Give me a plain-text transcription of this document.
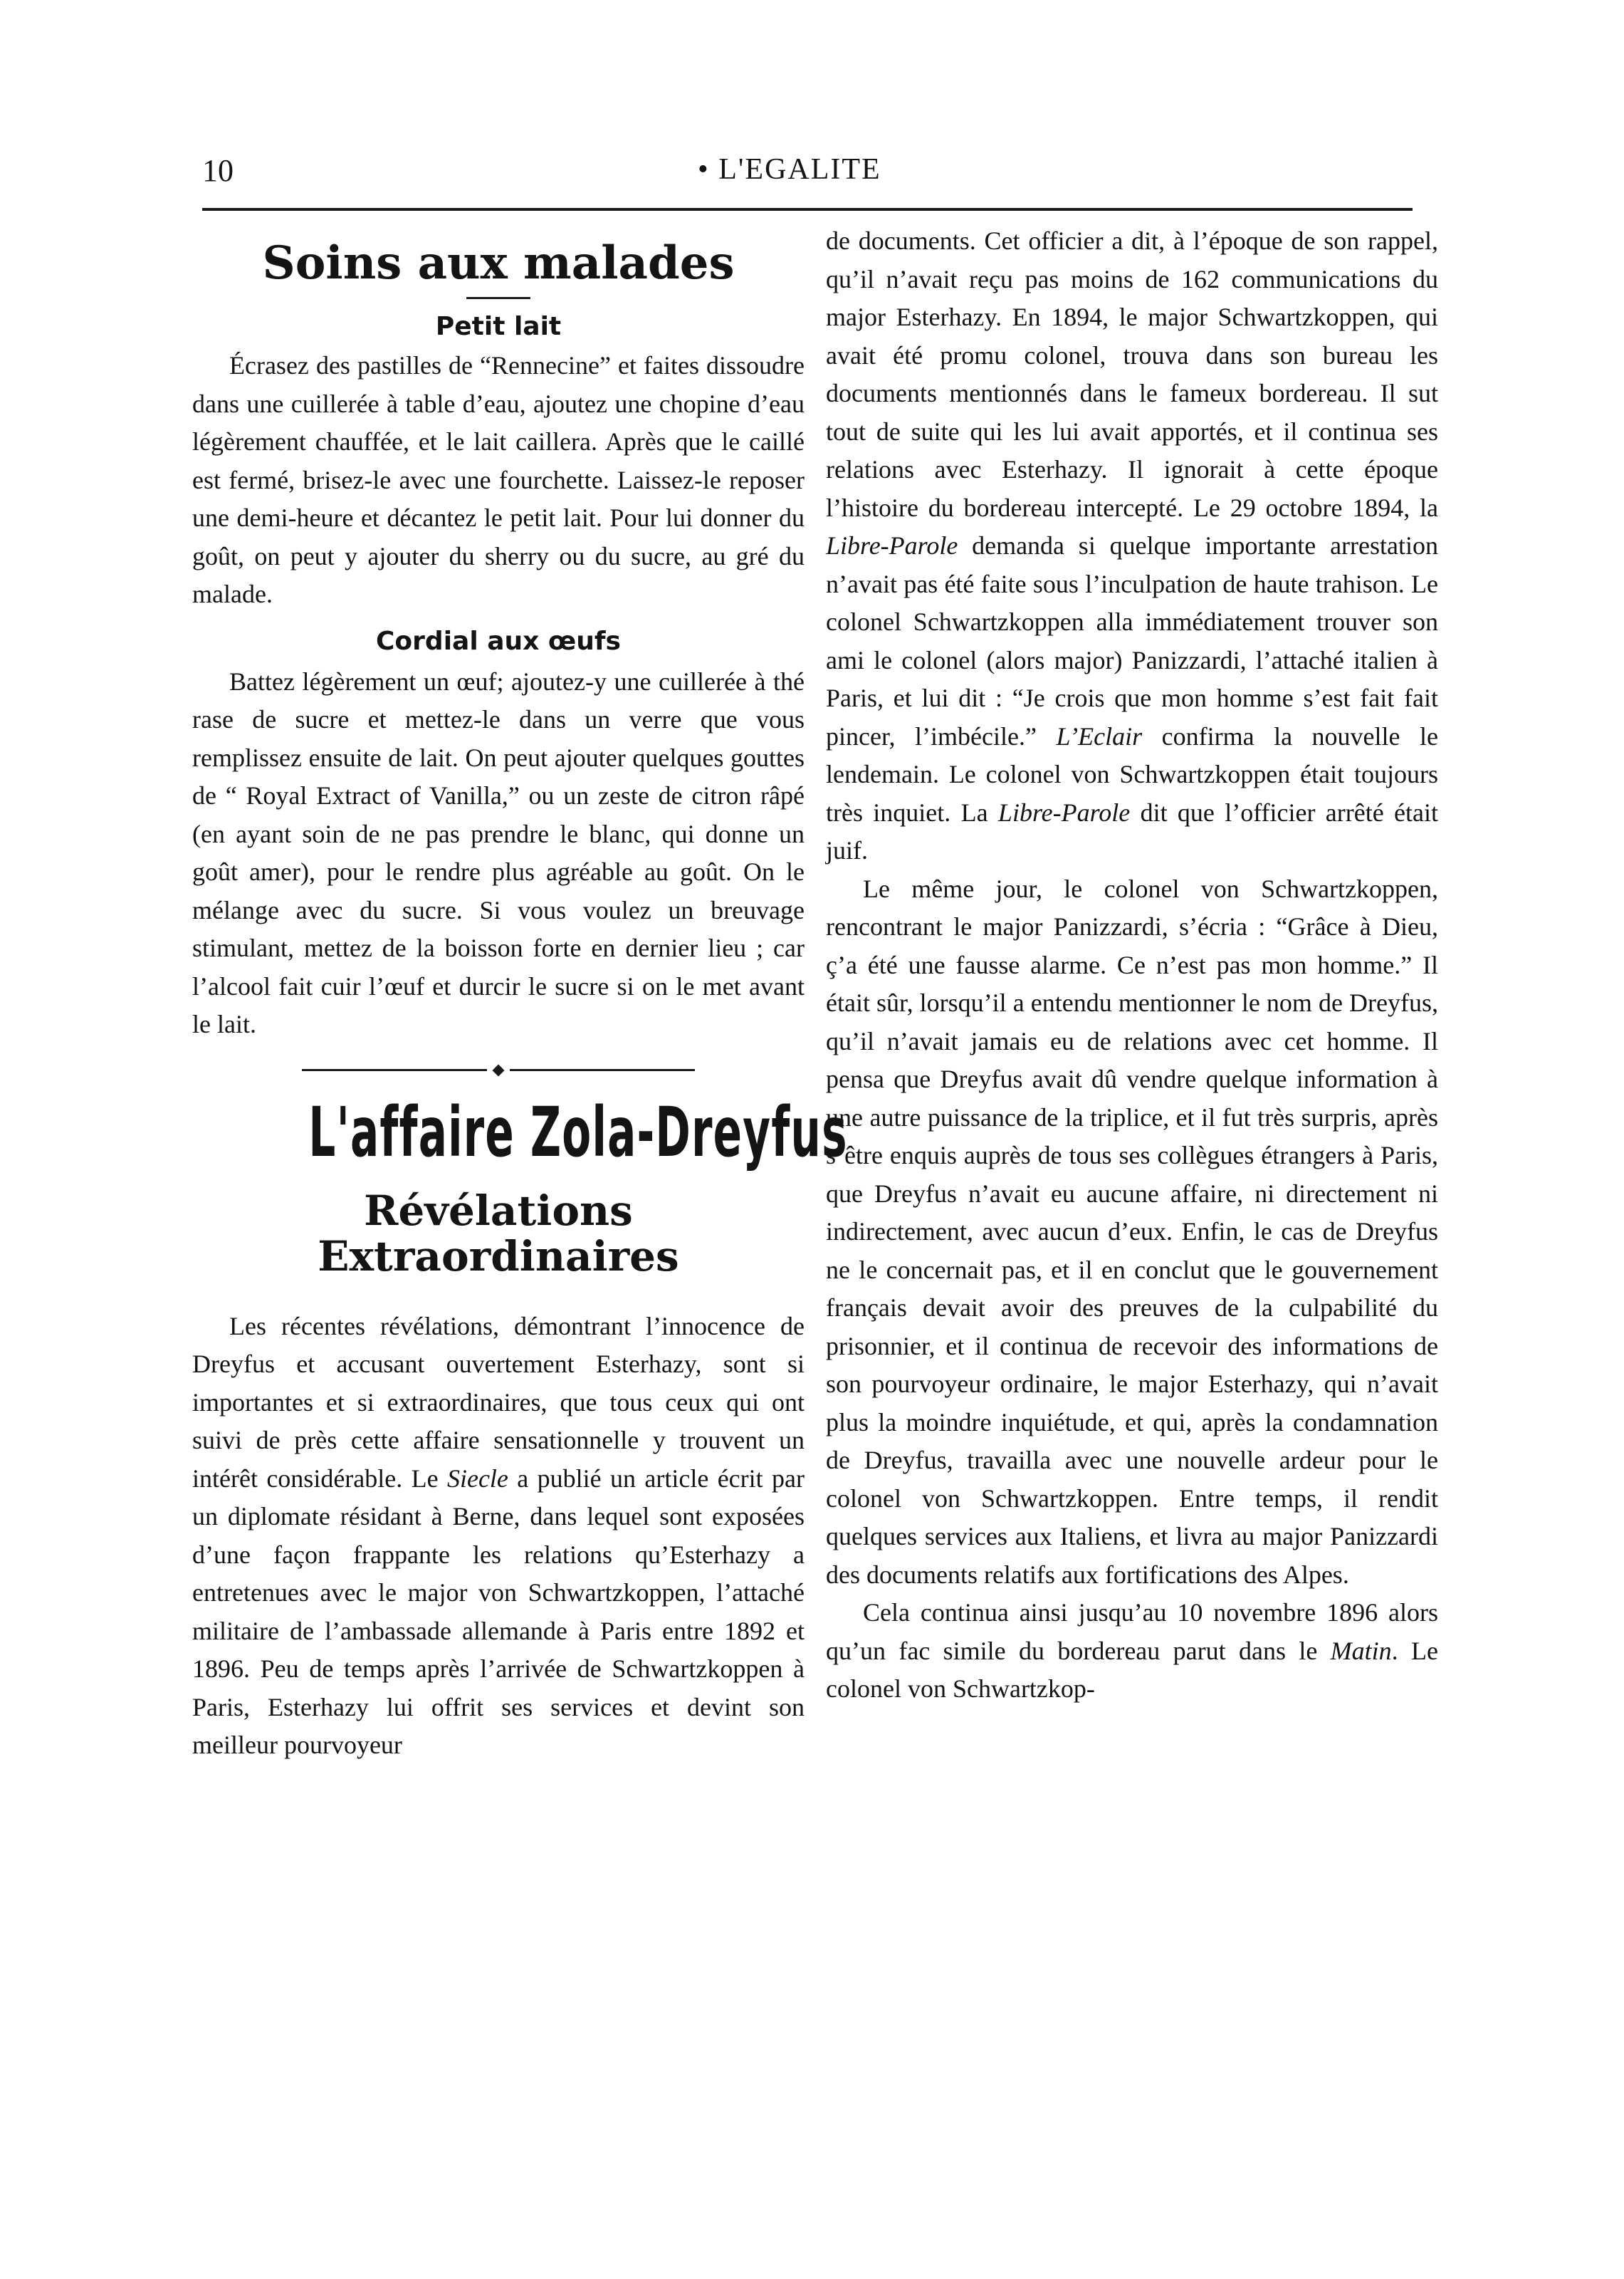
10	• L'EGALITE
Soins aux malades
Petit lait

Écrasez des pastilles de “Rennecine” et faites dissoudre dans une cuillerée à table d’eau, ajoutez une chopine d’eau légèrement chauffée, et le lait caillera. Après que le caillé est fermé, brisez-le avec une fourchette. Laissez-le reposer une demi-heure et décantez le petit lait. Pour lui donner du goût, on peut y ajouter du sherry ou du sucre, au gré du malade.

Cordial aux œufs

Battez légèrement un œuf; ajoutez-y une cuillerée à thé rase de sucre et mettez-le dans un verre que vous remplissez ensuite de lait. On peut ajouter quelques gouttes de “ Royal Extract of Vanilla,” ou un zeste de citron râpé (en ayant soin de ne pas prendre le blanc, qui donne un goût amer), pour le rendre plus agréable au goût. On le mélange avec du sucre. Si vous voulez un breuvage stimulant, mettez de la boisson forte en dernier lieu ; car l’alcool fait cuir l’œuf et durcir le sucre si on le met avant le lait.

L'affaire Zola-Dreyfus
Révélations Extraordinaires

Les récentes révélations, démontrant l’innocence de Dreyfus et accusant ouvertement Esterhazy, sont si importantes et si extraordinaires, que tous ceux qui ont suivi de près cette affaire sensationnelle y trouvent un intérêt considérable. Le Siecle a publié un article écrit par un diplomate résidant à Berne, dans lequel sont exposées d’une façon frappante les relations qu’Esterhazy a entretenues avec le major von Schwartzkoppen, l’attaché militaire de l’ambassade allemande à Paris entre 1892 et 1896. Peu de temps après l’arrivée de Schwartzkoppen à Paris, Esterhazy lui offrit ses services et devint son meilleur pourvoyeur

de documents. Cet officier a dit, à l’époque de son rappel, qu’il n’avait reçu pas moins de 162 communications du major Esterhazy. En 1894, le major Schwartzkoppen, qui avait été promu colonel, trouva dans son bureau les documents mentionnés dans le fameux bordereau. Il sut tout de suite qui les lui avait apportés, et il continua ses relations avec Esterhazy. Il ignorait à cette époque l’histoire du bordereau intercepté. Le 29 octobre 1894, la Libre-Parole demanda si quelque importante arrestation n’avait pas été faite sous l’inculpation de haute trahison. Le colonel Schwartzkoppen alla immédiatement trouver son ami le colonel (alors major) Panizzardi, l’attaché italien à Paris, et lui dit : “Je crois que mon homme s’est fait fait pincer, l’imbécile.” L’Eclair confirma la nouvelle le lendemain. Le colonel von Schwartzkoppen était toujours très inquiet. La Libre-Parole dit que l’officier arrêté était juif.

Le même jour, le colonel von Schwartzkoppen, rencontrant le major Panizzardi, s’écria : “Grâce à Dieu, ç’a été une fausse alarme. Ce n’est pas mon homme.” Il était sûr, lorsqu’il a entendu mentionner le nom de Dreyfus, qu’il n’avait jamais eu de relations avec cet homme. Il pensa que Dreyfus avait dû vendre quelque information à une autre puissance de la triplice, et il fut très surpris, après s’être enquis auprès de tous ses collègues étrangers à Paris, que Dreyfus n’avait eu aucune affaire, ni directement ni indirectement, avec aucun d’eux. Enfin, le cas de Dreyfus ne le concernait pas, et il en conclut que le gouvernement français devait avoir des preuves de la culpabilité du prisonnier, et il continua de recevoir des informations de son pourvoyeur ordinaire, le major Esterhazy, qui n’avait plus la moindre inquiétude, et qui, après la condamnation de Dreyfus, travailla avec une nouvelle ardeur pour le colonel von Schwartzkoppen. Entre temps, il rendit quelques services aux Italiens, et livra au major Panizzardi des documents relatifs aux fortifications des Alpes.

Cela continua ainsi jusqu’au 10 novembre 1896 alors qu’un fac simile du bordereau parut dans le Matin. Le colonel von Schwartzkop-
